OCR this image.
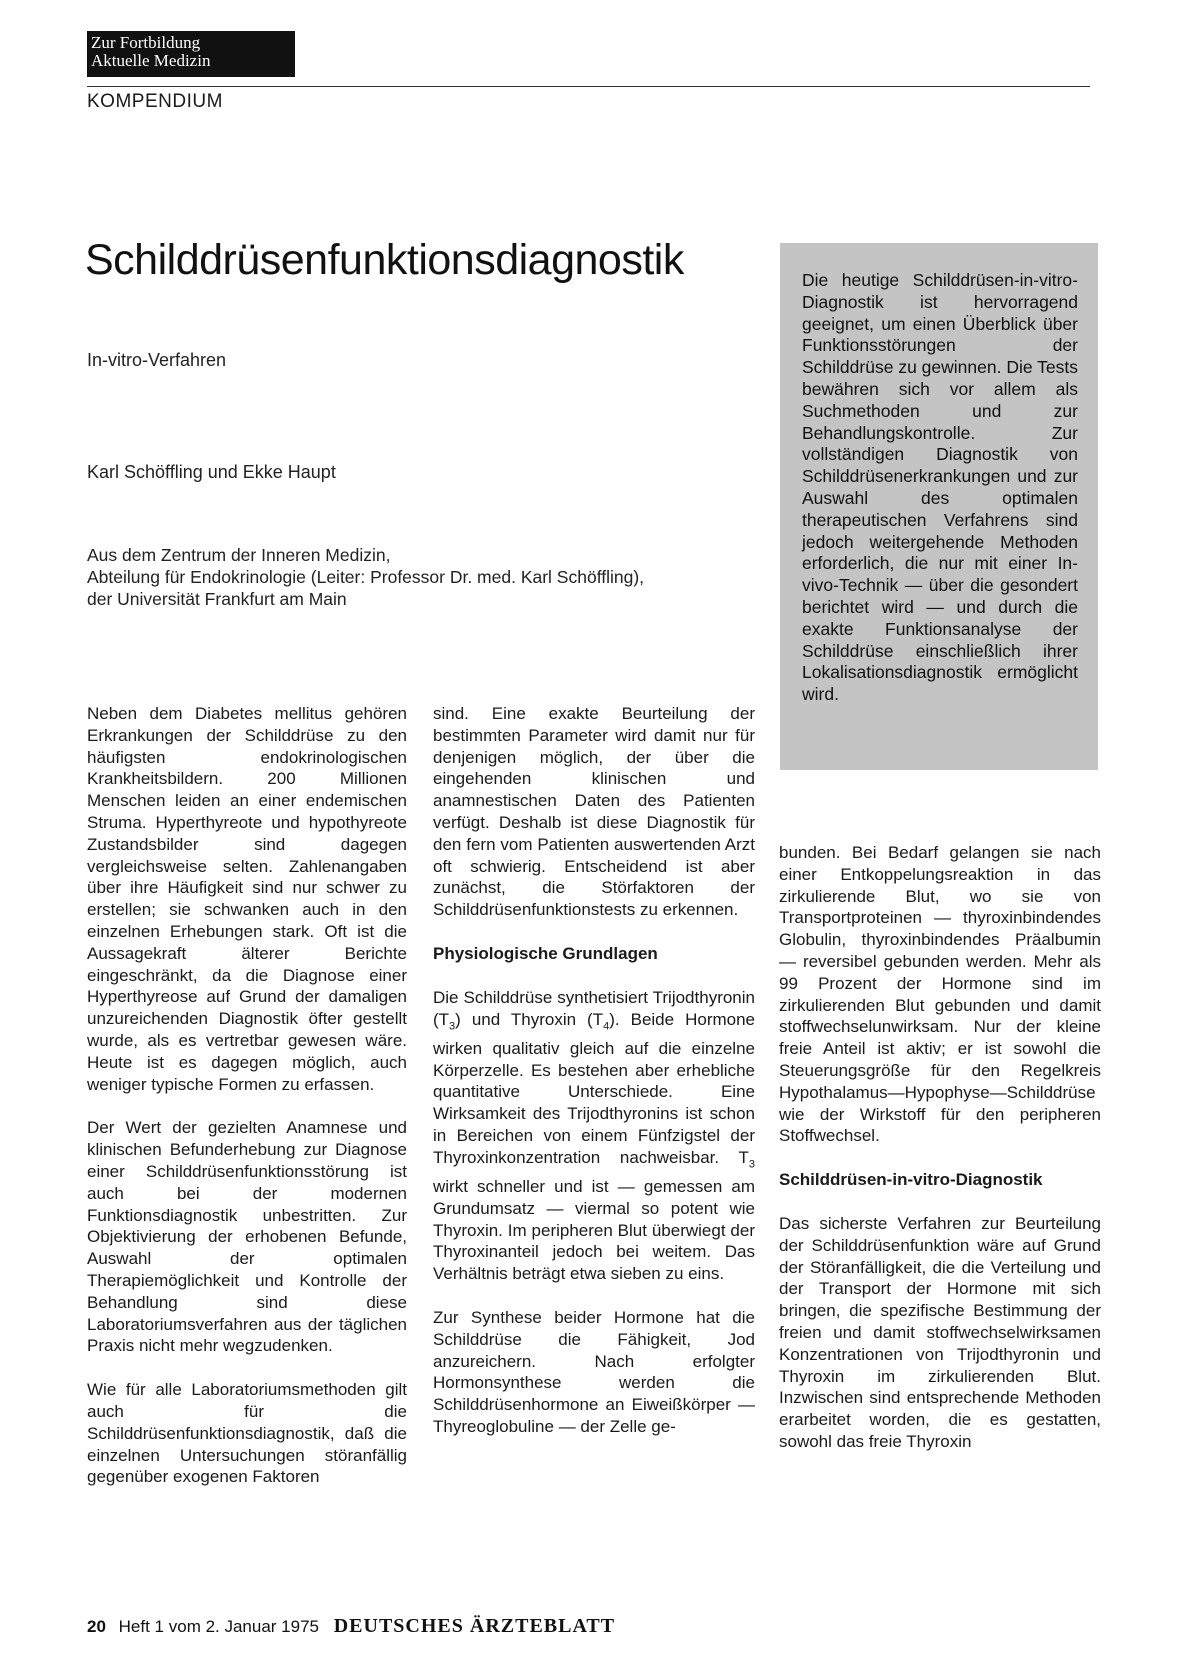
Zur Fortbildung
Aktuelle Medizin
KOMPENDIUM
Schilddrüsenfunktionsdiagnostik
In-vitro-Verfahren
Karl Schöffling und Ekke Haupt
Aus dem Zentrum der Inneren Medizin,
Abteilung für Endokrinologie (Leiter: Professor Dr. med. Karl Schöffling),
der Universität Frankfurt am Main

Die heutige Schilddrüsen-in-vitro-Diagnostik ist hervorragend geeignet, um einen Überblick über Funktionsstörungen der Schilddrüse zu gewinnen. Die Tests bewähren sich vor allem als Suchmethoden und zur Behandlungskontrolle. Zur vollständigen Diagnostik von Schilddrüsenerkrankungen und zur Auswahl des optimalen therapeutischen Verfahrens sind jedoch weitergehende Methoden erforderlich, die nur mit einer In-vivo-Technik — über die gesondert berichtet wird — und durch die exakte Funktionsanalyse der Schilddrüse einschließlich ihrer Lokalisationsdiagnostik ermöglicht wird.

Neben dem Diabetes mellitus gehören Erkrankungen der Schilddrüse zu den häufigsten endokrinologischen Krankheitsbildern. 200 Millionen Menschen leiden an einer endemischen Struma. Hyperthyreote und hypothyreote Zustandsbilder sind dagegen vergleichsweise selten. Zahlenangaben über ihre Häufigkeit sind nur schwer zu erstellen; sie schwanken auch in den einzelnen Erhebungen stark. Oft ist die Aussagekraft älterer Berichte eingeschränkt, da die Diagnose einer Hyperthyreose auf Grund der damaligen unzureichenden Diagnostik öfter gestellt wurde, als es vertretbar gewesen wäre. Heute ist es dagegen möglich, auch weniger typische Formen zu erfassen.

Der Wert der gezielten Anamnese und klinischen Befunderhebung zur Diagnose einer Schilddrüsenfunktionsstörung ist auch bei der modernen Funktionsdiagnostik unbestritten. Zur Objektivierung der erhobenen Befunde, Auswahl der optimalen Therapiemöglichkeit und Kontrolle der Behandlung sind diese Laboratoriumsverfahren aus der täglichen Praxis nicht mehr wegzudenken.

Wie für alle Laboratoriumsmethoden gilt auch für die Schilddrüsenfunktionsdiagnostik, daß die einzelnen Untersuchungen störanfällig gegenüber exogenen Faktoren

sind. Eine exakte Beurteilung der bestimmten Parameter wird damit nur für denjenigen möglich, der über die eingehenden klinischen und anamnestischen Daten des Patienten verfügt. Deshalb ist diese Diagnostik für den fern vom Patienten auswertenden Arzt oft schwierig. Entscheidend ist aber zunächst, die Störfaktoren der Schilddrüsenfunktionstests zu erkennen.

Physiologische Grundlagen

Die Schilddrüse synthetisiert Trijodthyronin $(T_3)$ und Thyroxin $(T_4)$. Beide Hormone wirken qualitativ gleich auf die einzelne Körperzelle. Es bestehen aber erhebliche quantitative Unterschiede. Eine Wirksamkeit des Trijodthyronins ist schon in Bereichen von einem Fünfzigstel der Thyroxinkonzentration nachweisbar. $T_3$ wirkt schneller und ist — gemessen am Grundumsatz — viermal so potent wie Thyroxin. Im peripheren Blut überwiegt der Thyroxinanteil jedoch bei weitem. Das Verhältnis beträgt etwa sieben zu eins.

Zur Synthese beider Hormone hat die Schilddrüse die Fähigkeit, Jod anzureichern. Nach erfolgter Hormonsynthese werden die Schilddrüsenhormone an Eiweißkörper — Thyreoglobuline — der Zelle ge-

bunden. Bei Bedarf gelangen sie nach einer Entkoppelungsreaktion in das zirkulierende Blut, wo sie von Transportproteinen — thyroxinbindendes Globulin, thyroxinbindendes Präalbumin — reversibel gebunden werden. Mehr als 99 Prozent der Hormone sind im zirkulierenden Blut gebunden und damit stoffwechselunwirksam. Nur der kleine freie Anteil ist aktiv; er ist sowohl die Steuerungsgröße für den Regelkreis Hypothalamus—Hypophyse—Schilddrüse wie der Wirkstoff für den peripheren Stoffwechsel.

Schilddrüsen-in-vitro-Diagnostik

Das sicherste Verfahren zur Beurteilung der Schilddrüsenfunktion wäre auf Grund der Störanfälligkeit, die die Verteilung und der Transport der Hormone mit sich bringen, die spezifische Bestimmung der freien und damit stoffwechselwirksamen Konzentrationen von Trijodthyronin und Thyroxin im zirkulierenden Blut. Inzwischen sind entsprechende Methoden erarbeitet worden, die es gestatten, sowohl das freie Thyroxin

20 Heft 1 vom 2. Januar 1975 DEUTSCHES ÄRZTEBLATT
